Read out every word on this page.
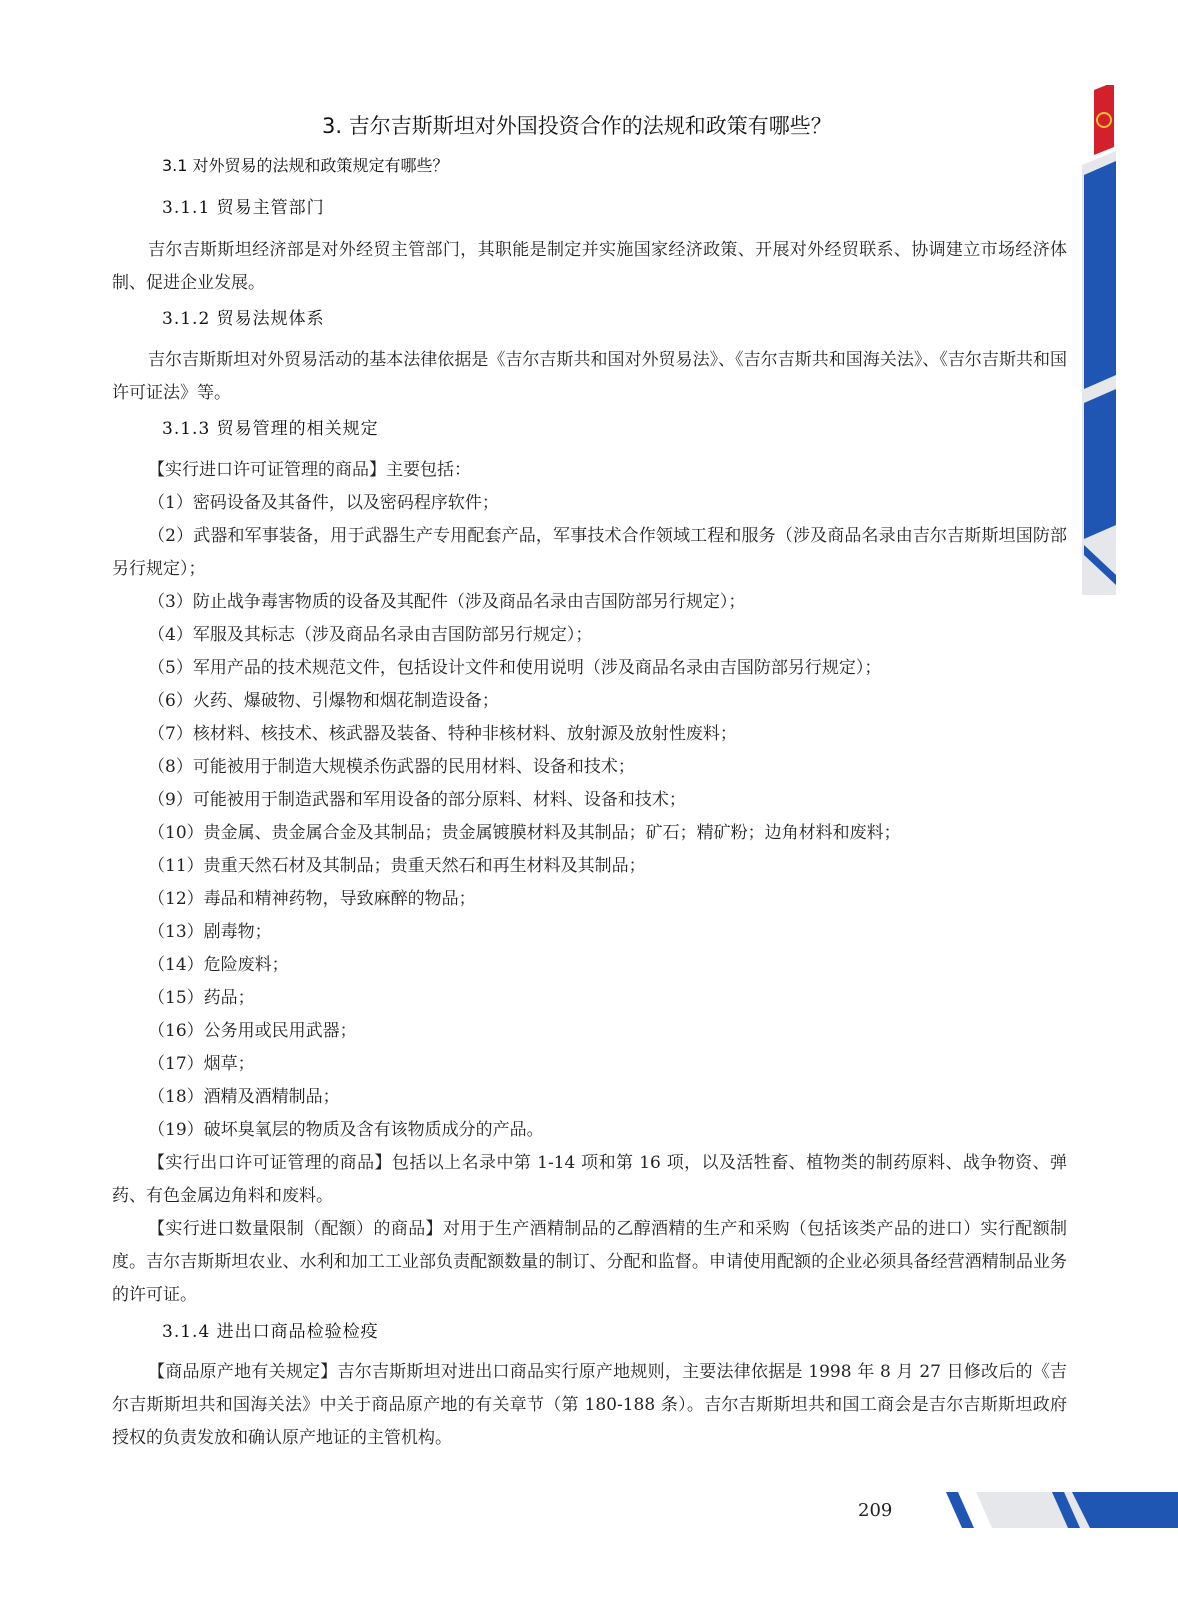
3. 吉尔吉斯斯坦对外国投资合作的法规和政策有哪些？
3.1 对外贸易的法规和政策规定有哪些？
3.1.1 贸易主管部门
吉尔吉斯斯坦经济部是对外经贸主管部门，其职能是制定并实施国家经济政策、开展对外经贸联系、协调建立市场经济体制、促进企业发展。
3.1.2 贸易法规体系
吉尔吉斯斯坦对外贸易活动的基本法律依据是《吉尔吉斯共和国对外贸易法》、《吉尔吉斯共和国海关法》、《吉尔吉斯共和国许可证法》等。
3.1.3 贸易管理的相关规定
【实行进口许可证管理的商品】主要包括：
（1）密码设备及其备件，以及密码程序软件；
（2）武器和军事装备，用于武器生产专用配套产品，军事技术合作领域工程和服务（涉及商品名录由吉尔吉斯斯坦国防部另行规定）；
（3）防止战争毒害物质的设备及其配件（涉及商品名录由吉国防部另行规定）；
（4）军服及其标志（涉及商品名录由吉国防部另行规定）；
（5）军用产品的技术规范文件，包括设计文件和使用说明（涉及商品名录由吉国防部另行规定）；
（6）火药、爆破物、引爆物和烟花制造设备；
（7）核材料、核技术、核武器及装备、特种非核材料、放射源及放射性废料；
（8）可能被用于制造大规模杀伤武器的民用材料、设备和技术；
（9）可能被用于制造武器和军用设备的部分原料、材料、设备和技术；
（10）贵金属、贵金属合金及其制品；贵金属镀膜材料及其制品；矿石；精矿粉；边角材料和废料；
（11）贵重天然石材及其制品；贵重天然石和再生材料及其制品；
（12）毒品和精神药物，导致麻醉的物品；
（13）剧毒物；
（14）危险废料；
（15）药品；
（16）公务用或民用武器；
（17）烟草；
（18）酒精及酒精制品；
（19）破坏臭氧层的物质及含有该物质成分的产品。
【实行出口许可证管理的商品】包括以上名录中第 1-14 项和第 16 项，以及活牲畜、植物类的制药原料、战争物资、弹药、有色金属边角料和废料。
【实行进口数量限制（配额）的商品】对用于生产酒精制品的乙醇酒精的生产和采购（包括该类产品的进口）实行配额制度。吉尔吉斯斯坦农业、水利和加工工业部负责配额数量的制订、分配和监督。申请使用配额的企业必须具备经营酒精制品业务的许可证。
3.1.4 进出口商品检验检疫
【商品原产地有关规定】吉尔吉斯斯坦对进出口商品实行原产地规则，主要法律依据是 1998 年 8 月 27 日修改后的《吉尔吉斯斯坦共和国海关法》中关于商品原产地的有关章节（第 180-188 条）。吉尔吉斯斯坦共和国工商会是吉尔吉斯斯坦政府授权的负责发放和确认原产地证的主管机构。
209
